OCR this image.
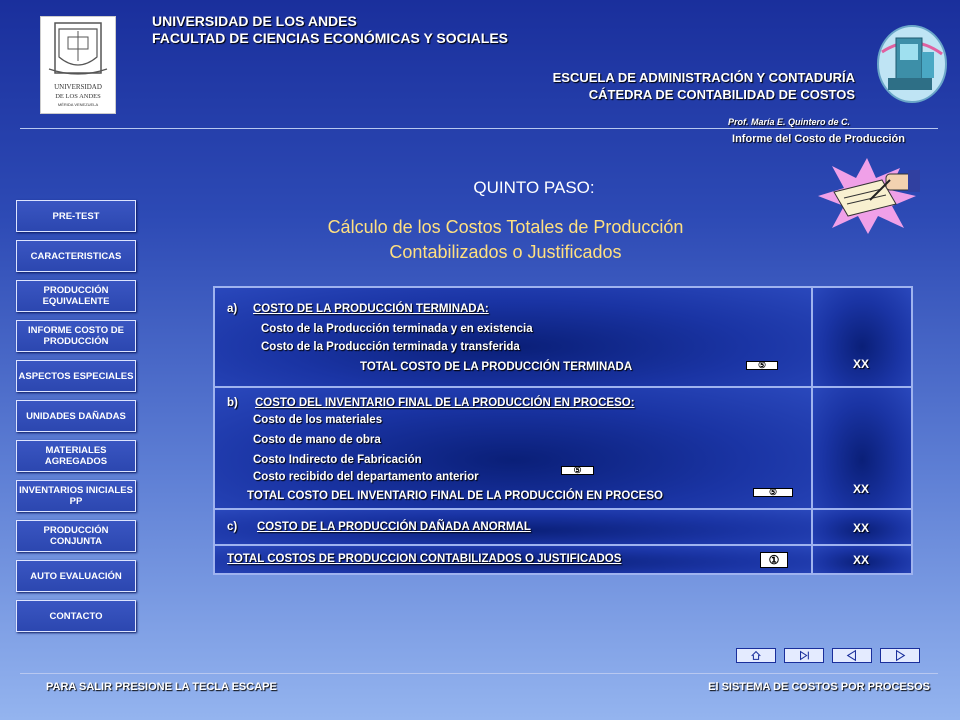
UNIVERSIDAD
DE LOS ANDES
MÉRIDA VENEZUELA
UNIVERSIDAD DE LOS ANDES
FACULTAD DE CIENCIAS ECONÓMICAS Y SOCIALES
ESCUELA DE ADMINISTRACIÓN Y CONTADURÍA
CÁTEDRA DE CONTABILIDAD DE COSTOS
Prof. María E. Quintero de C.
Informe del Costo de Producción
QUINTO PASO:
Cálculo de los Costos Totales de Producción
Contabilizados o Justificados
PRE-TEST
CARACTERISTICAS
PRODUCCIÓN EQUIVALENTE
INFORME COSTO DE PRODUCCIÓN
ASPECTOS ESPECIALES
UNIDADES DAÑADAS
MATERIALES AGREGADOS
INVENTARIOS INICIALES PP
PRODUCCIÓN CONJUNTA
AUTO EVALUACIÓN
CONTACTO
a) COSTO DE LA PRODUCCIÓN TERMINADA:
Costo de la Producción terminada y en existencia
Costo de la Producción terminada y transferida
TOTAL COSTO DE LA PRODUCCIÓN TERMINADA	⑤	XX
b) COSTO DEL INVENTARIO FINAL DE LA PRODUCCIÓN EN PROCESO:
Costo de los materiales
Costo de mano de obra
Costo Indirecto de Fabricación
Costo recibido del departamento anterior
⑤
TOTAL COSTO DEL INVENTARIO FINAL DE LA PRODUCCIÓN EN PROCESO	⑤	XX
c) COSTO DE LA PRODUCCIÓN DAÑADA ANORMAL	XX
TOTAL COSTOS DE PRODUCCION CONTABILIZADOS O JUSTIFICADOS	①	XX
PARA SALIR PRESIONE LA TECLA ESCAPE	El SISTEMA DE COSTOS POR PROCESOS
